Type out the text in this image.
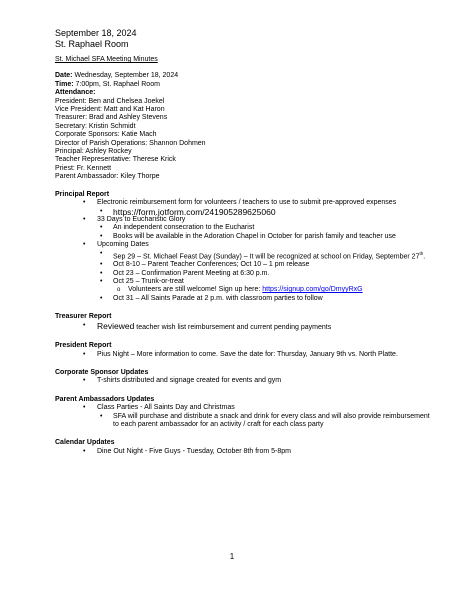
September 18, 2024
St. Raphael Room
St. Michael SFA Meeting Minutes
Date: Wednesday, September 18, 2024
Time: 7:00pm, St. Raphael Room
Attendance:
President: Ben and Chelsea Joekel
Vice President: Matt and Kat Haron
Treasurer: Brad and Ashley Stevens
Secretary: Kristin Schmidt
Corporate Sponsors: Katie Mach
Director of Parish Operations: Shannon Dohmen
Principal: Ashley Rockey
Teacher Representative: Therese Krick
Priest: Fr. Kennett
Parent Ambassador: Kiley Thorpe
Principal Report
• Electronic reimbursement form for volunteers / teachers to use to submit pre-approved expenses
• https://form.jotform.com/241905289625060
• 33 Days to Eucharistic Glory
• An independent consecration to the Eucharist
• Books will be available in the Adoration Chapel in October for parish family and teacher use
• Upcoming Dates
• Sep 29 – St. Michael Feast Day (Sunday) – It will be recognized at school on Friday, September 27th.
• Oct 8-10 – Parent Teacher Conferences; Oct 10 – 1 pm release
• Oct 23 – Confirmation Parent Meeting at 6:30 p.m.
• Oct 25 – Trunk-or-treat
o Volunteers are still welcome! Sign up here: https://signup.com/go/DmyyRxG
• Oct 31 – All Saints Parade at 2 p.m. with classroom parties to follow
Treasurer Report
• Reviewed teacher wish list reimbursement and current pending payments
President Report
• Pius Night – More information to come. Save the date for: Thursday, January 9th vs. North Platte.
Corporate Sponsor Updates
• T-shirts distributed and signage created for events and gym
Parent Ambassadors Updates
• Class Parties - All Saints Day and Christmas
• SFA will purchase and distribute a snack and drink for every class and will also provide reimbursement to each parent ambassador for an activity / craft for each class party
Calendar Updates
• Dine Out Night - Five Guys - Tuesday, October 8th from 5-8pm
1
